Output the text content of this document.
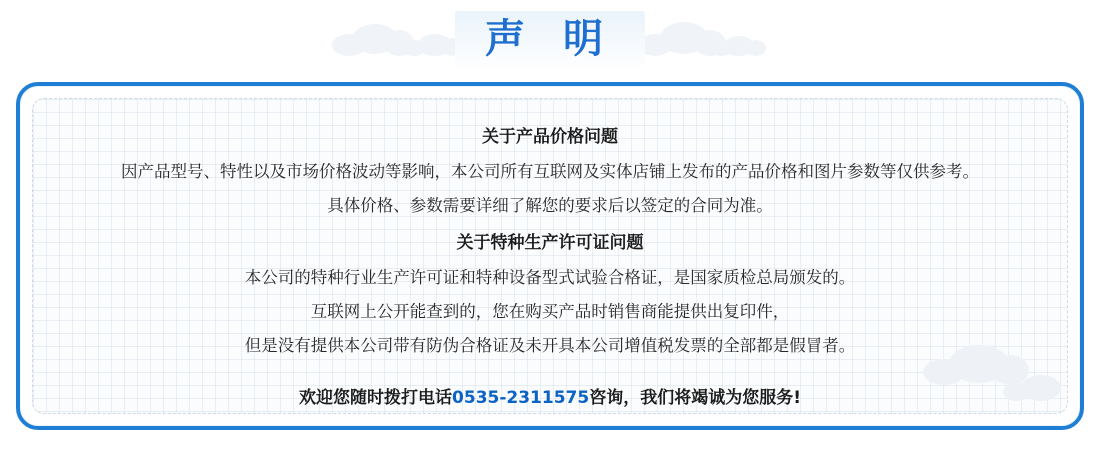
声 明
关于产品价格问题

因产品型号、特性以及市场价格波动等影响，本公司所有互联网及实体店铺上发布的产品价格和图片参数等仅供参考。

具体价格、参数需要详细了解您的要求后以签定的合同为准。

关于特种生产许可证问题

本公司的特种行业生产许可证和特种设备型式试验合格证，是国家质检总局颁发的。

互联网上公开能查到的，您在购买产品时销售商能提供出复印件，

但是没有提供本公司带有防伪合格证及未开具本公司增值税发票的全部都是假冒者。

欢迎您随时拨打电话0535-2311575咨询，我们将竭诚为您服务!
